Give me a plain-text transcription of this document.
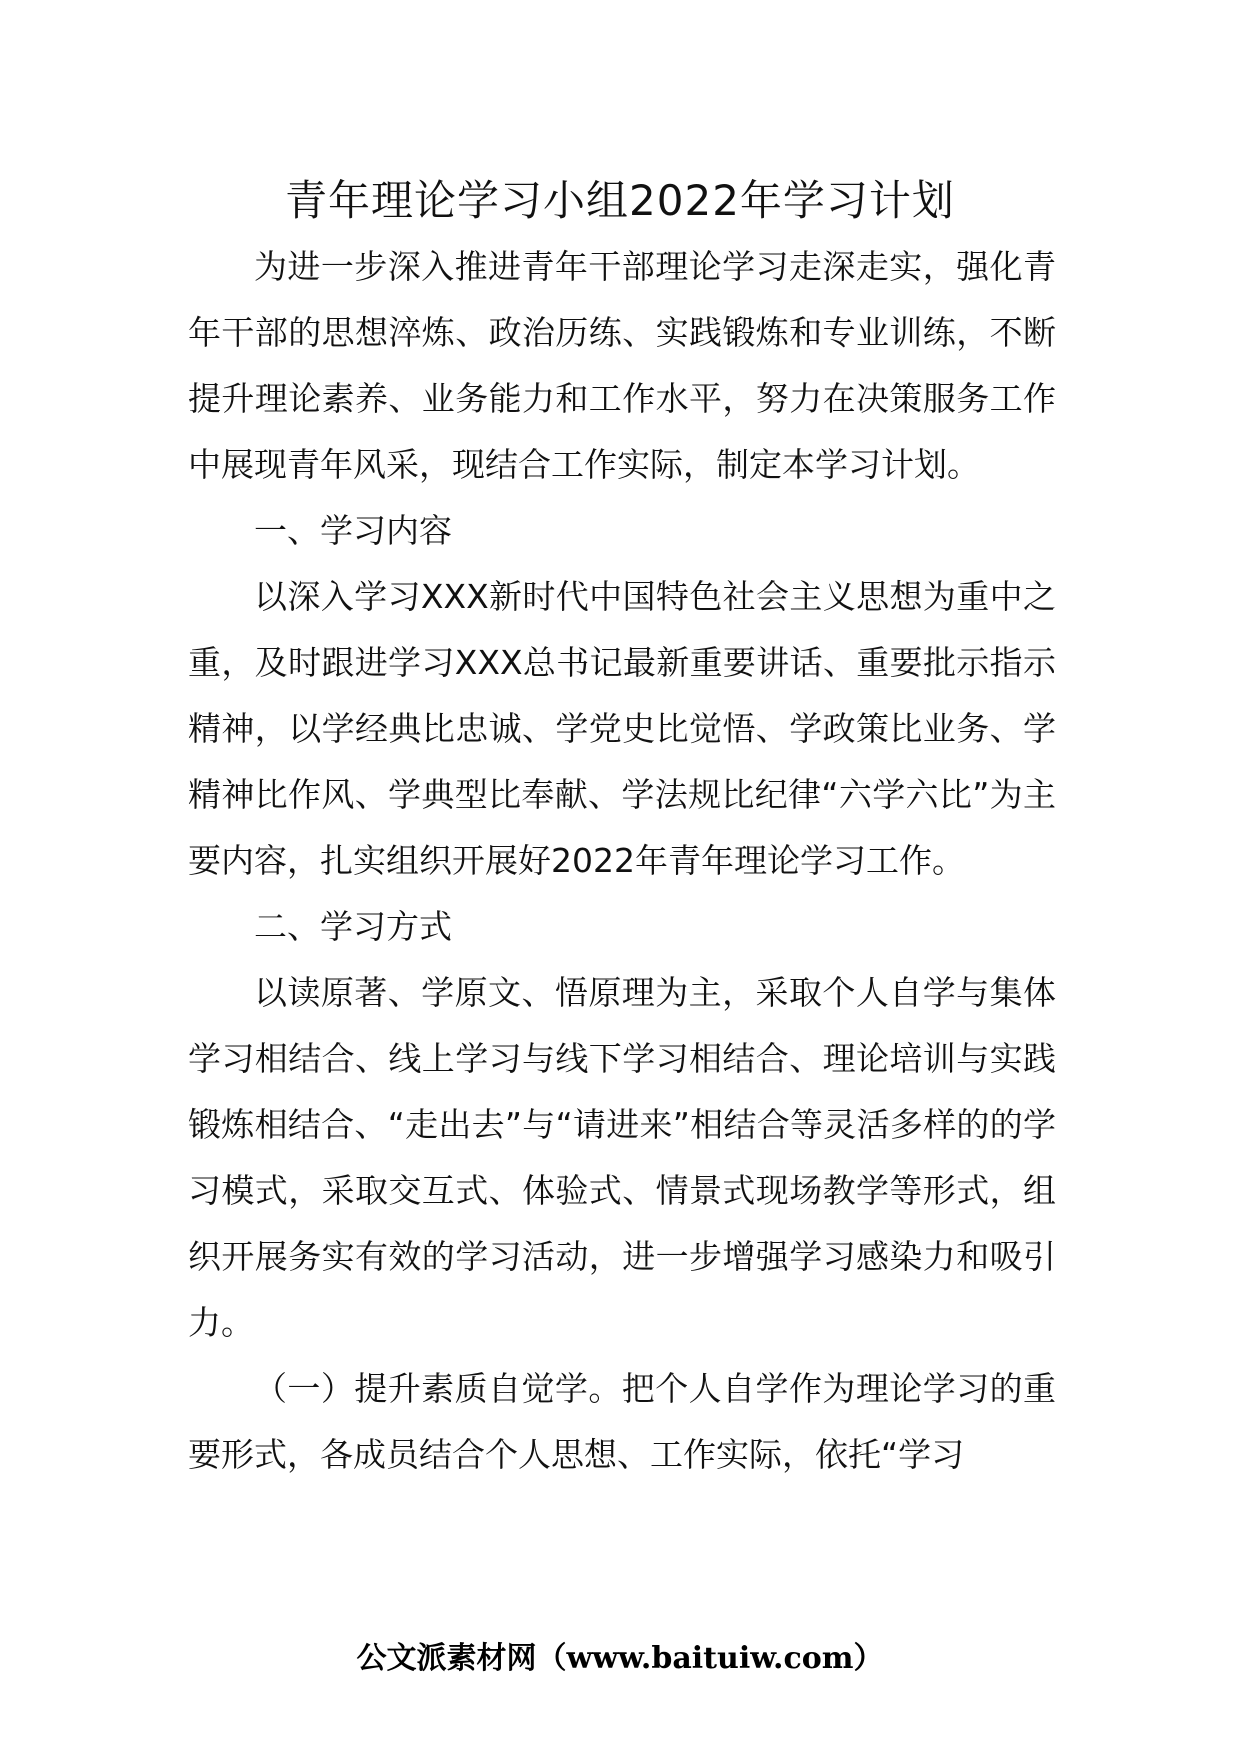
青年理论学习小组2022年学习计划

为进一步深入推进青年干部理论学习走深走实，强化青年干部的思想淬炼、政治历练、实践锻炼和专业训练，不断提升理论素养、业务能力和工作水平，努力在决策服务工作中展现青年风采，现结合工作实际，制定本学习计划。

一、学习内容

以深入学习XXX新时代中国特色社会主义思想为重中之重，及时跟进学习XXX总书记最新重要讲话、重要批示指示精神，以学经典比忠诚、学党史比觉悟、学政策比业务、学精神比作风、学典型比奉献、学法规比纪律“六学六比”为主要内容，扎实组织开展好2022年青年理论学习工作。

二、学习方式

以读原著、学原文、悟原理为主，采取个人自学与集体学习相结合、线上学习与线下学习相结合、理论培训与实践锻炼相结合、“走出去”与“请进来”相结合等灵活多样的的学习模式，采取交互式、体验式、情景式现场教学等形式，组织开展务实有效的学习活动，进一步增强学习感染力和吸引力。

（一）提升素质自觉学。把个人自学作为理论学习的重要形式，各成员结合个人思想、工作实际，依托“学习

公文派素材网（www.baituiw.com）
